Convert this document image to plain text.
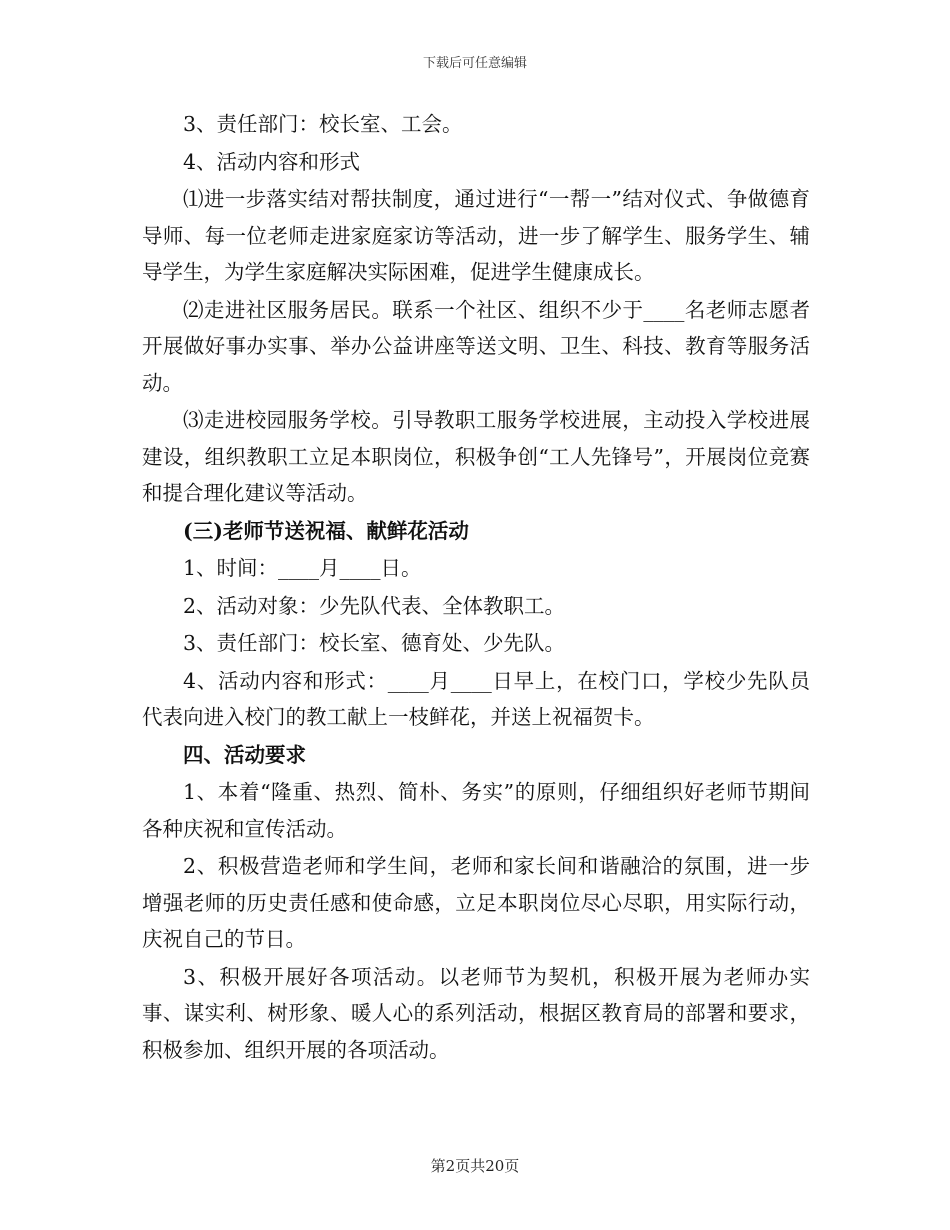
下载后可任意编辑

3、责任部门：校长室、工会。

4、活动内容和形式

⑴进一步落实结对帮扶制度，通过进行“一帮一”结对仪式、争做德育导师、每一位老师走进家庭家访等活动，进一步了解学生、服务学生、辅导学生，为学生家庭解决实际困难，促进学生健康成长。

⑵走进社区服务居民。联系一个社区、组织不少于____名老师志愿者开展做好事办实事、举办公益讲座等送文明、卫生、科技、教育等服务活动。

⑶走进校园服务学校。引导教职工服务学校进展，主动投入学校进展建设，组织教职工立足本职岗位，积极争创“工人先锋号”，开展岗位竞赛和提合理化建议等活动。

(三)老师节送祝福、献鲜花活动

1、时间：____月____日。

2、活动对象：少先队代表、全体教职工。

3、责任部门：校长室、德育处、少先队。

4、活动内容和形式：____月____日早上，在校门口，学校少先队员代表向进入校门的教工献上一枝鲜花，并送上祝福贺卡。

四、活动要求

1、本着“隆重、热烈、简朴、务实”的原则，仔细组织好老师节期间各种庆祝和宣传活动。

2、积极营造老师和学生间，老师和家长间和谐融洽的氛围，进一步增强老师的历史责任感和使命感，立足本职岗位尽心尽职，用实际行动，庆祝自己的节日。

3、积极开展好各项活动。以老师节为契机，积极开展为老师办实事、谋实利、树形象、暖人心的系列活动，根据区教育局的部署和要求，积极参加、组织开展的各项活动。

第2页共20页
